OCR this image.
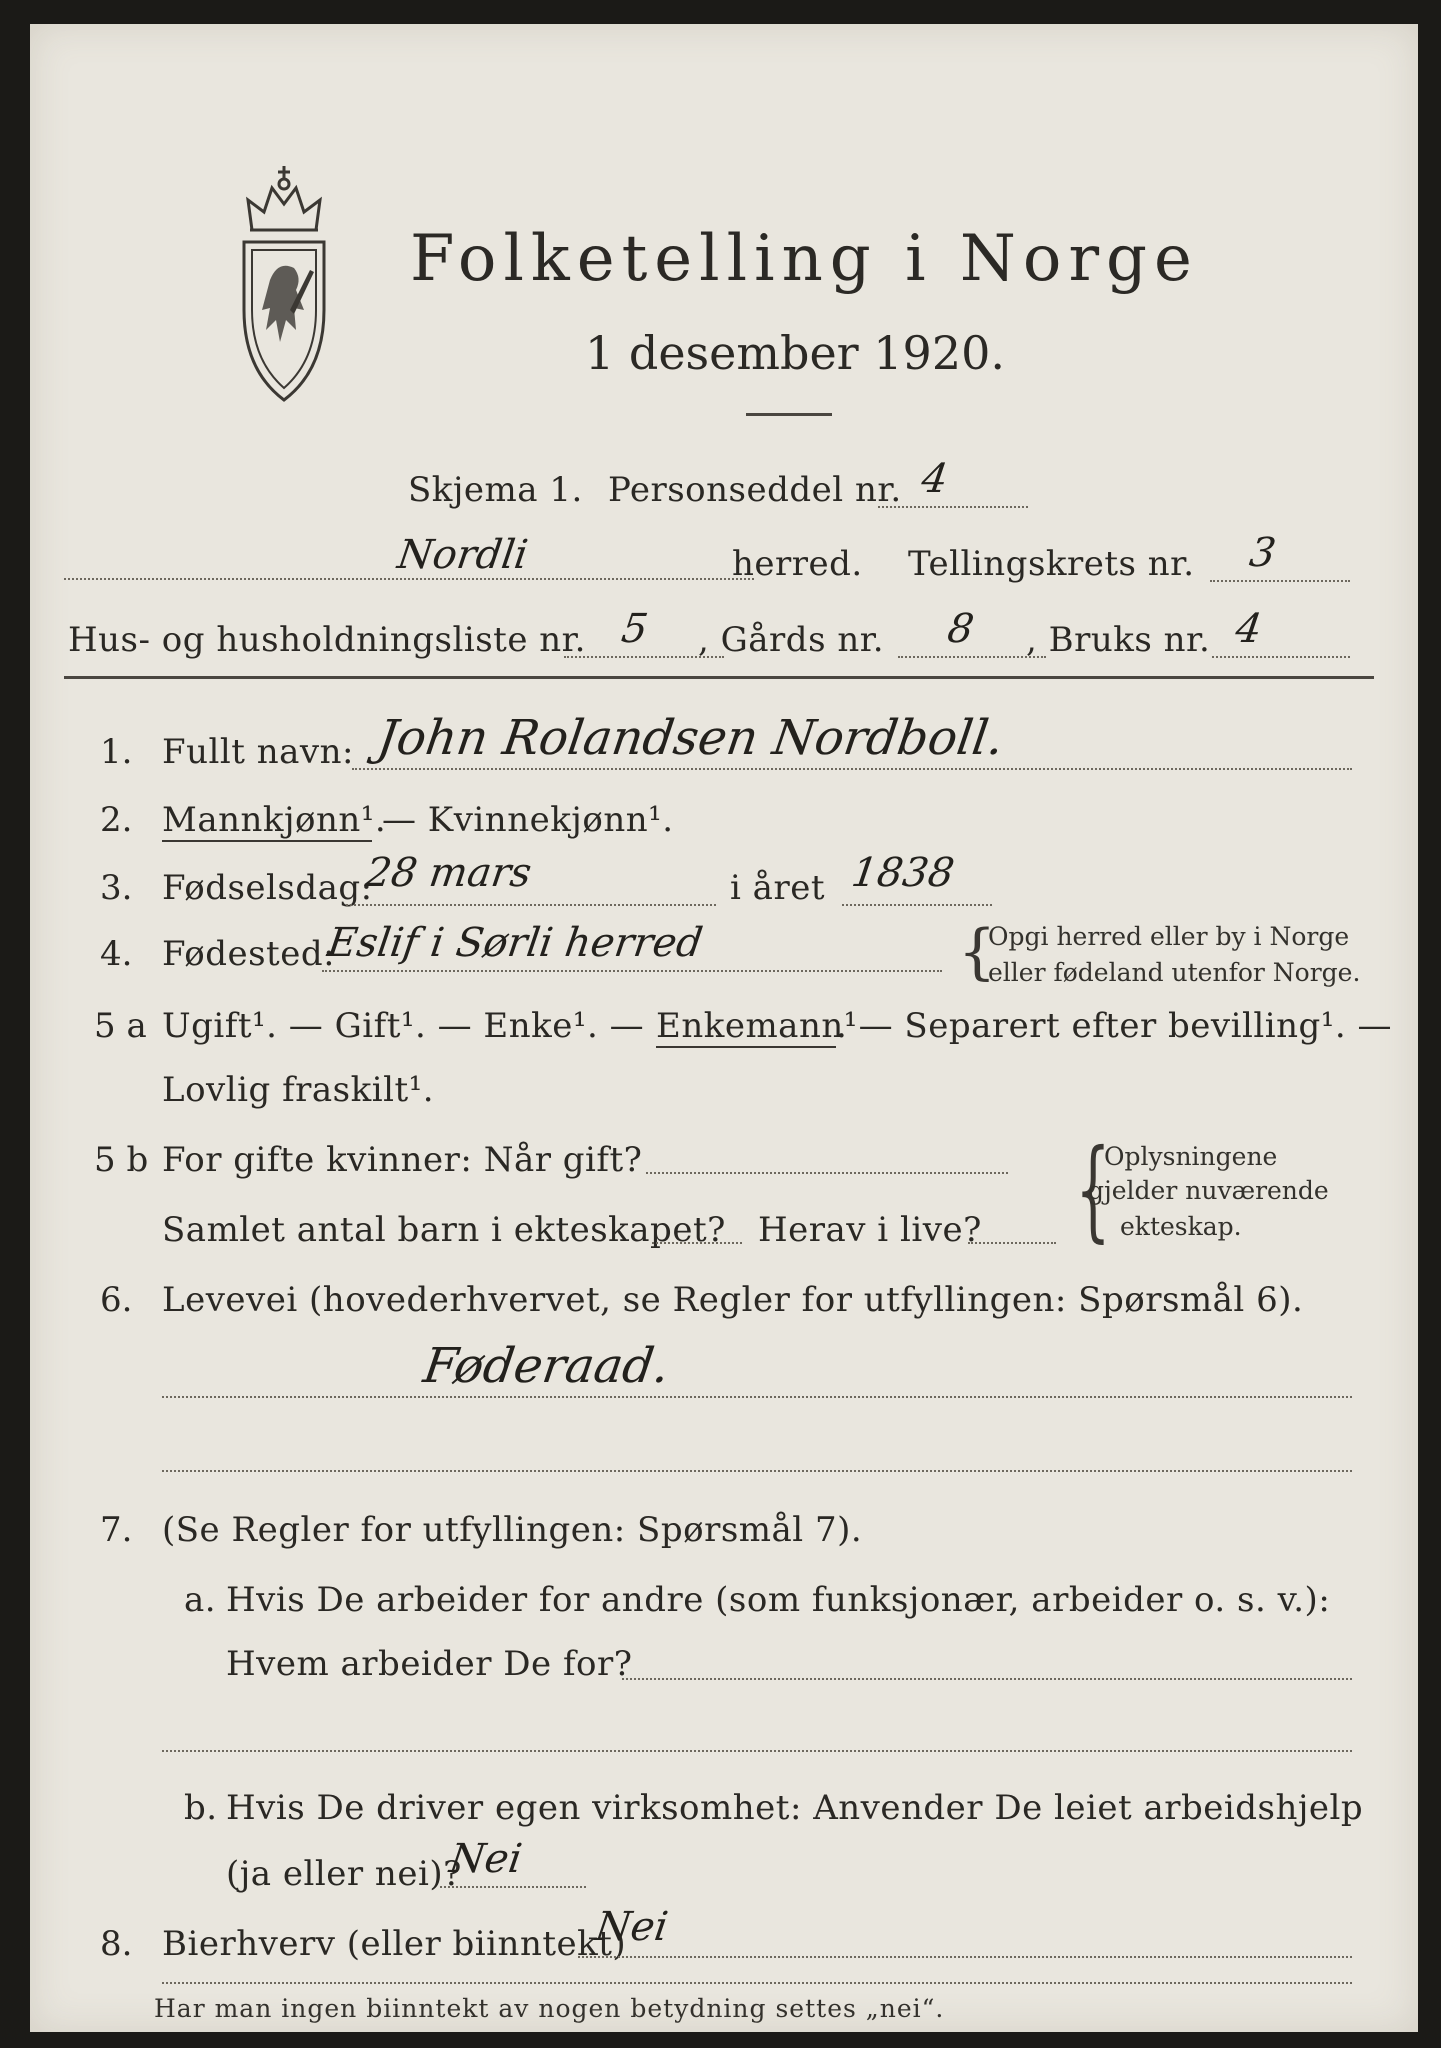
Folketelling i Norge
1 desember 1920.
Skjema 1. Personseddel nr. 4
Nordli	herred. Tellingskrets nr. 3
Hus- og husholdningsliste nr. 5 , Gårds nr. 8 , Bruks nr. 4
1. Fullt navn: John Rolandsen Nordboll.
2. Mannkjønn¹.
— Kvinnekjønn¹.
3. Fødselsdag:
28 mars	i året 1838
4. Fødested:
Eslif i Sørli herred	{
Opgi herred eller by i Norge
eller fødeland utenfor Norge.
5 a Ugift¹. — Gift¹. — Enke¹. — Enkemann¹
. — Separert efter bevilling¹. —
Lovlig fraskilt¹.
5 b For gifte kvinner: Når gift?
Samlet antal barn i ekteskapet? Herav i live? {
Oplysningene
gjelder nuværende
ekteskap.
6. Levevei (hovederhvervet, se Regler for utfyllingen: Spørsmål 6).
Føderaad.
7. (Se Regler for utfyllingen: Spørsmål 7).
a. Hvis De arbeider for andre (som funksjonær, arbeider o. s. v.):
Hvem arbeider De for?
b. Hvis De driver egen virksomhet: Anvender De leiet arbeidshjelp
(ja eller nei)?
Nei
8. Bierhverv (eller biinntekt)
Nei
Har man ingen biinntekt av nogen betydning settes „nei“.
